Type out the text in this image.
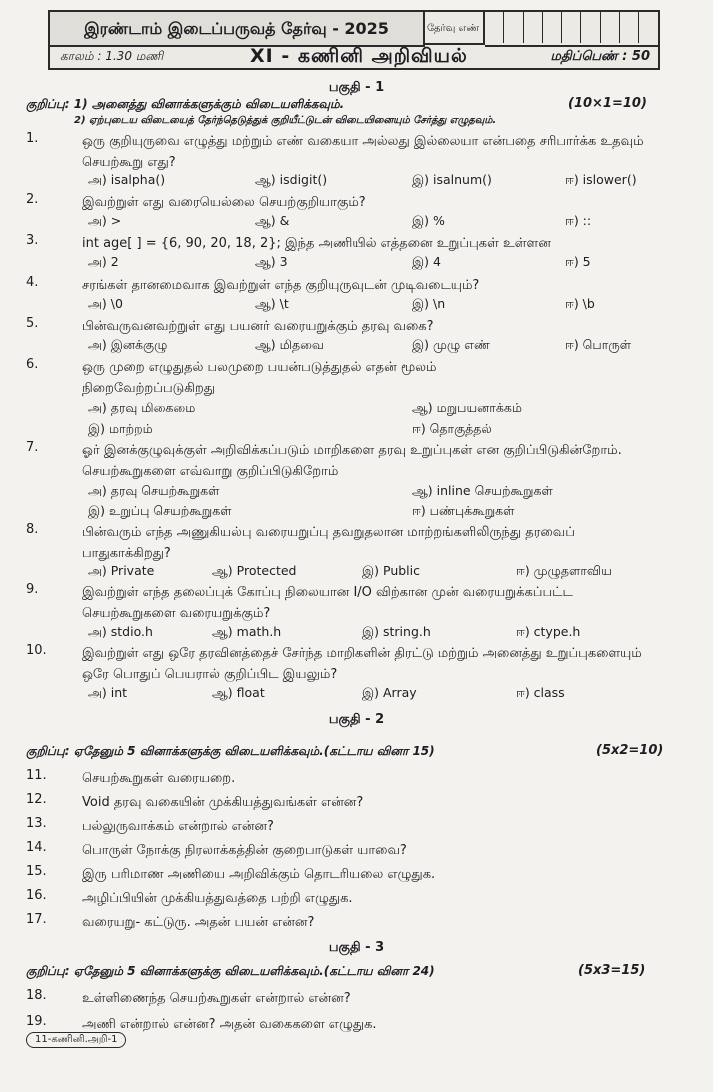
இரண்டாம் இடைப்பருவத் தேர்வு - 2025	தேர்வு எண்
காலம் : 1.30 மணி	XI - கணினி அறிவியல்	மதிப்பெண் : 50
பகுதி - 1
குறிப்பு: 1) அனைத்து வினாக்களுக்கும் விடையளிக்கவும்.	(10×1=10)
2) ஏற்புடைய விடையைத் தேர்ந்தெடுத்துக் குறியீட்டுடன் விடையினையும் சேர்த்து எழுதவும்.
1.	ஒரு குறியுருவை எழுத்து மற்றும் எண் வகையா அல்லது இல்லையா என்பதை சரிபார்க்க உதவும் செயற்கூறு எது?
அ) isalpha()	ஆ) isdigit()	இ) isalnum()	ஈ) islower()
2.	இவற்றுள் எது வரையெல்லை செயற்குறியாகும்?
அ) >	ஆ) &	இ) %	ஈ) ::
3.	int age[ ] = {6, 90, 20, 18, 2}; இந்த அணியில் எத்தனை உறுப்புகள் உள்ளன
அ) 2	ஆ) 3	இ) 4	ஈ) 5
4.	சரங்கள் தானமைவாக இவற்றுள் எந்த குறியுருவுடன் முடிவடையும்?
அ) \0	ஆ) \t	இ) \n	ஈ) \b
5.	பின்வருவனவற்றுள் எது பயனர் வரையறுக்கும் தரவு வகை?
அ) இனக்குழு	ஆ) மிதவை	இ) முழு எண்	ஈ) பொருள்
6.	ஒரு முறை எழுதுதல் பலமுறை பயன்படுத்துதல் எதன் மூலம் நிறைவேற்றப்படுகிறது
அ) தரவு மிகைமை	ஆ) மறுபயனாக்கம்
இ) மாற்றம்	ஈ) தொகுத்தல்
7.	ஓர் இனக்குழுவுக்குள் அறிவிக்கப்படும் மாறிகளை தரவு உறுப்புகள் என குறிப்பிடுகின்றோம். செயற்கூறுகளை எவ்வாறு குறிப்பிடுகிறோம்
அ) தரவு செயற்கூறுகள்	ஆ) inline செயற்கூறுகள்
இ) உறுப்பு செயற்கூறுகள்	ஈ) பண்புக்கூறுகள்
8.	பின்வரும் எந்த அணுகியல்பு வரையறுப்பு தவறுதலான மாற்றங்களிலிருந்து தரவைப் பாதுகாக்கிறது?
அ) Private	ஆ) Protected	இ) Public	ஈ) முழுதளாவிய
9.	இவற்றுள் எந்த தலைப்புக் கோப்பு நிலையான I/O விற்கான முன் வரையறுக்கப்பட்ட செயற்கூறுகளை வரையறுக்கும்?
அ) stdio.h	ஆ) math.h	இ) string.h	ஈ) ctype.h
10.	இவற்றுள் எது ஒரே தரவினத்தைச் சேர்ந்த மாறிகளின் திரட்டு மற்றும் அனைத்து உறுப்புகளையும் ஒரே பொதுப் பெயரால் குறிப்பிட இயலும்?
அ) int	ஆ) float	இ) Array	ஈ) class
பகுதி - 2
குறிப்பு: ஏதேனும் 5 வினாக்களுக்கு விடையளிக்கவும்.(கட்டாய வினா 15)	(5x2=10)
11.	செயற்கூறுகள் வரையறை.
12.	Void தரவு வகையின் முக்கியத்துவங்கள் என்ன?
13.	பல்லுருவாக்கம் என்றால் என்ன?
14.	பொருள் நோக்கு நிரலாக்கத்தின் குறைபாடுகள் யாவை?
15.	இரு பரிமாண அணியை அறிவிக்கும் தொடரியலை எழுதுக.
16.	அழிப்பியின் முக்கியத்துவத்தை பற்றி எழுதுக.
17.	வரையறு- கட்டுரு. அதன் பயன் என்ன?
பகுதி - 3
குறிப்பு: ஏதேனும் 5 வினாக்களுக்கு விடையளிக்கவும்.(கட்டாய வினா 24)	(5x3=15)
18.	உள்ளிணைந்த செயற்கூறுகள் என்றால் என்ன?
19.	அணி என்றால் என்ன? அதன் வகைகளை எழுதுக.
11-கணினி.அறி-1
